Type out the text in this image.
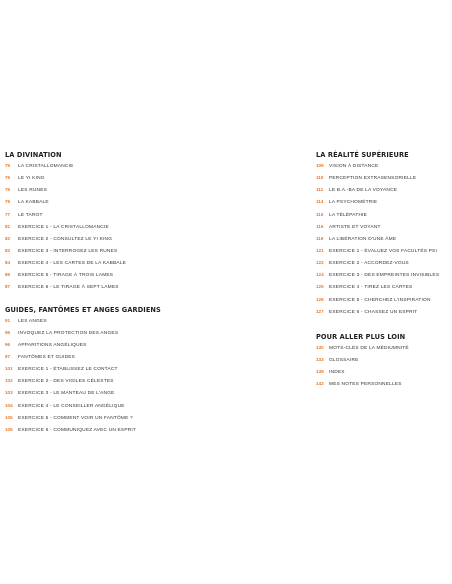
LA DIVINATION
75	LA CRISTALLOMANCIE
75	LE YI KING
76	LES RUNES
76	LA KABBALE
77	LE TAROT
81	EXERCICE 1 - LA CRISTALLOMANCIE
82	EXERCICE 2 - CONSULTEZ LE YI KING
83	EXERCICE 3 - INTERROGEZ LES RUNES
84	EXERCICE 4 - LES CARTES DE LA KABBALE
86	EXERCICE 5 - TIRAGE À TROIS LAMES
87	EXERCICE 6 - LE TIRAGE À SEPT LAMES
GUIDES, FANTÔMES ET ANGES GARDIENS
91	LES ANGES
95	INVOQUEZ LA PROTECTION DES ANGES
96	APPARITIONS ANGÉLIQUES
97	FANTÔMES ET GUIDES
101	EXERCICE 1 - ÉTABLISSEZ LE CONTACT
102	EXERCICE 2 - DES VIGILES CÉLESTES
103	EXERCICE 3 - LE MANTEAU DE L'ANGE
104	EXERCICE 4 - LE CONSEILLER ANGÉLIQUE
105	EXERCICE 5 - COMMENT VOIR UN FANTÔME ?
106	EXERCICE 6 - COMMUNIQUEZ AVEC UN ESPRIT
LA RÉALITÉ SUPÉRIEURE
109	VISION À DISTANCE
110	PERCEPTION EXTRASENSORIELLE
111	LE B.A.-BA DE LA VOYANCE
114	LA PSYCHOMÉTRIE
115	LA TÉLÉPATHIE
116	ARTISTE ET VOYANT
119	LA LIBÉRATION D'UNE ÂME
121	EXERCICE 1 - ÉVALUEZ VOS FACULTÉS PSI
122	EXERCICE 2 - ACCORDEZ-VOUS
124	EXERCICE 3 - DES EMPREINTES INVISIBLES
125	EXERCICE 4 - TIREZ LES CARTES
126	EXERCICE 5 - CHERCHEZ L'INSPIRATION
127	EXERCICE 6 - CHASSEZ UN ESPRIT
POUR ALLER PLUS LOIN
130	MOTS-CLÉS DE LA MÉDIUMNITÉ
133	GLOSSAIRE
139	INDEX
142	MES NOTES PERSONNELLES
